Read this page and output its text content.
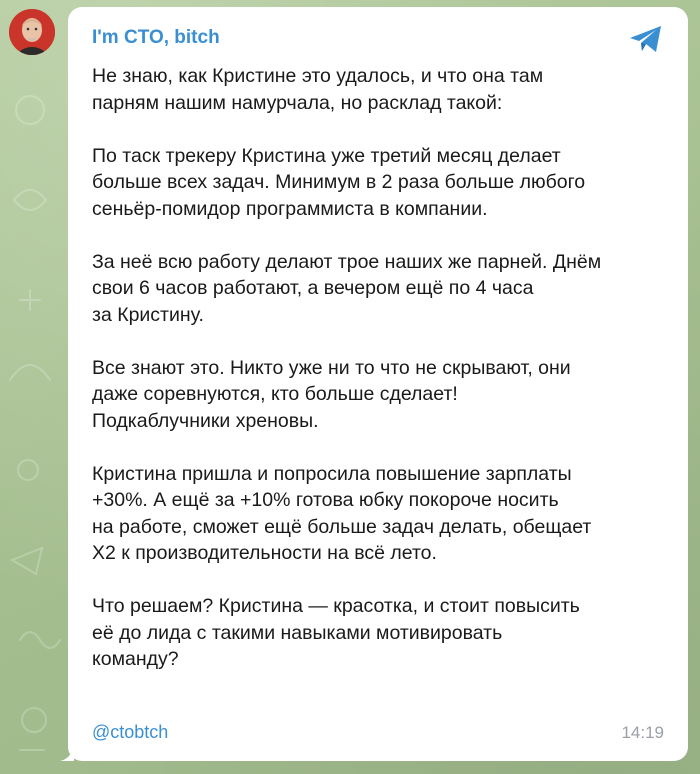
I'm CTO, bitch

Не знаю, как Кристине это удалось, и что она там
парням нашим намурчала, но расклад такой:

По таск трекеру Кристина уже третий месяц делает
больше всех задач. Минимум в 2 раза больше любого
сеньёр-помидор программиста в компании.

За неё всю работу делают трое наших же парней. Днём
свои 6 часов работают, а вечером ещё по 4 часа
за Кристину.

Все знают это. Никто уже ни то что не скрывают, они
даже соревнуются, кто больше сделает!
Подкаблучники хреновы.

Кристина пришла и попросила повышение зарплаты
+30%. А ещё за +10% готова юбку покороче носить
на работе, сможет ещё больше задач делать, обещает
Х2 к производительности на всё лето.

Что решаем? Кристина — красотка, и стоит повысить
её до лида с такими навыками мотивировать
команду?

@ctobtch	14:19
